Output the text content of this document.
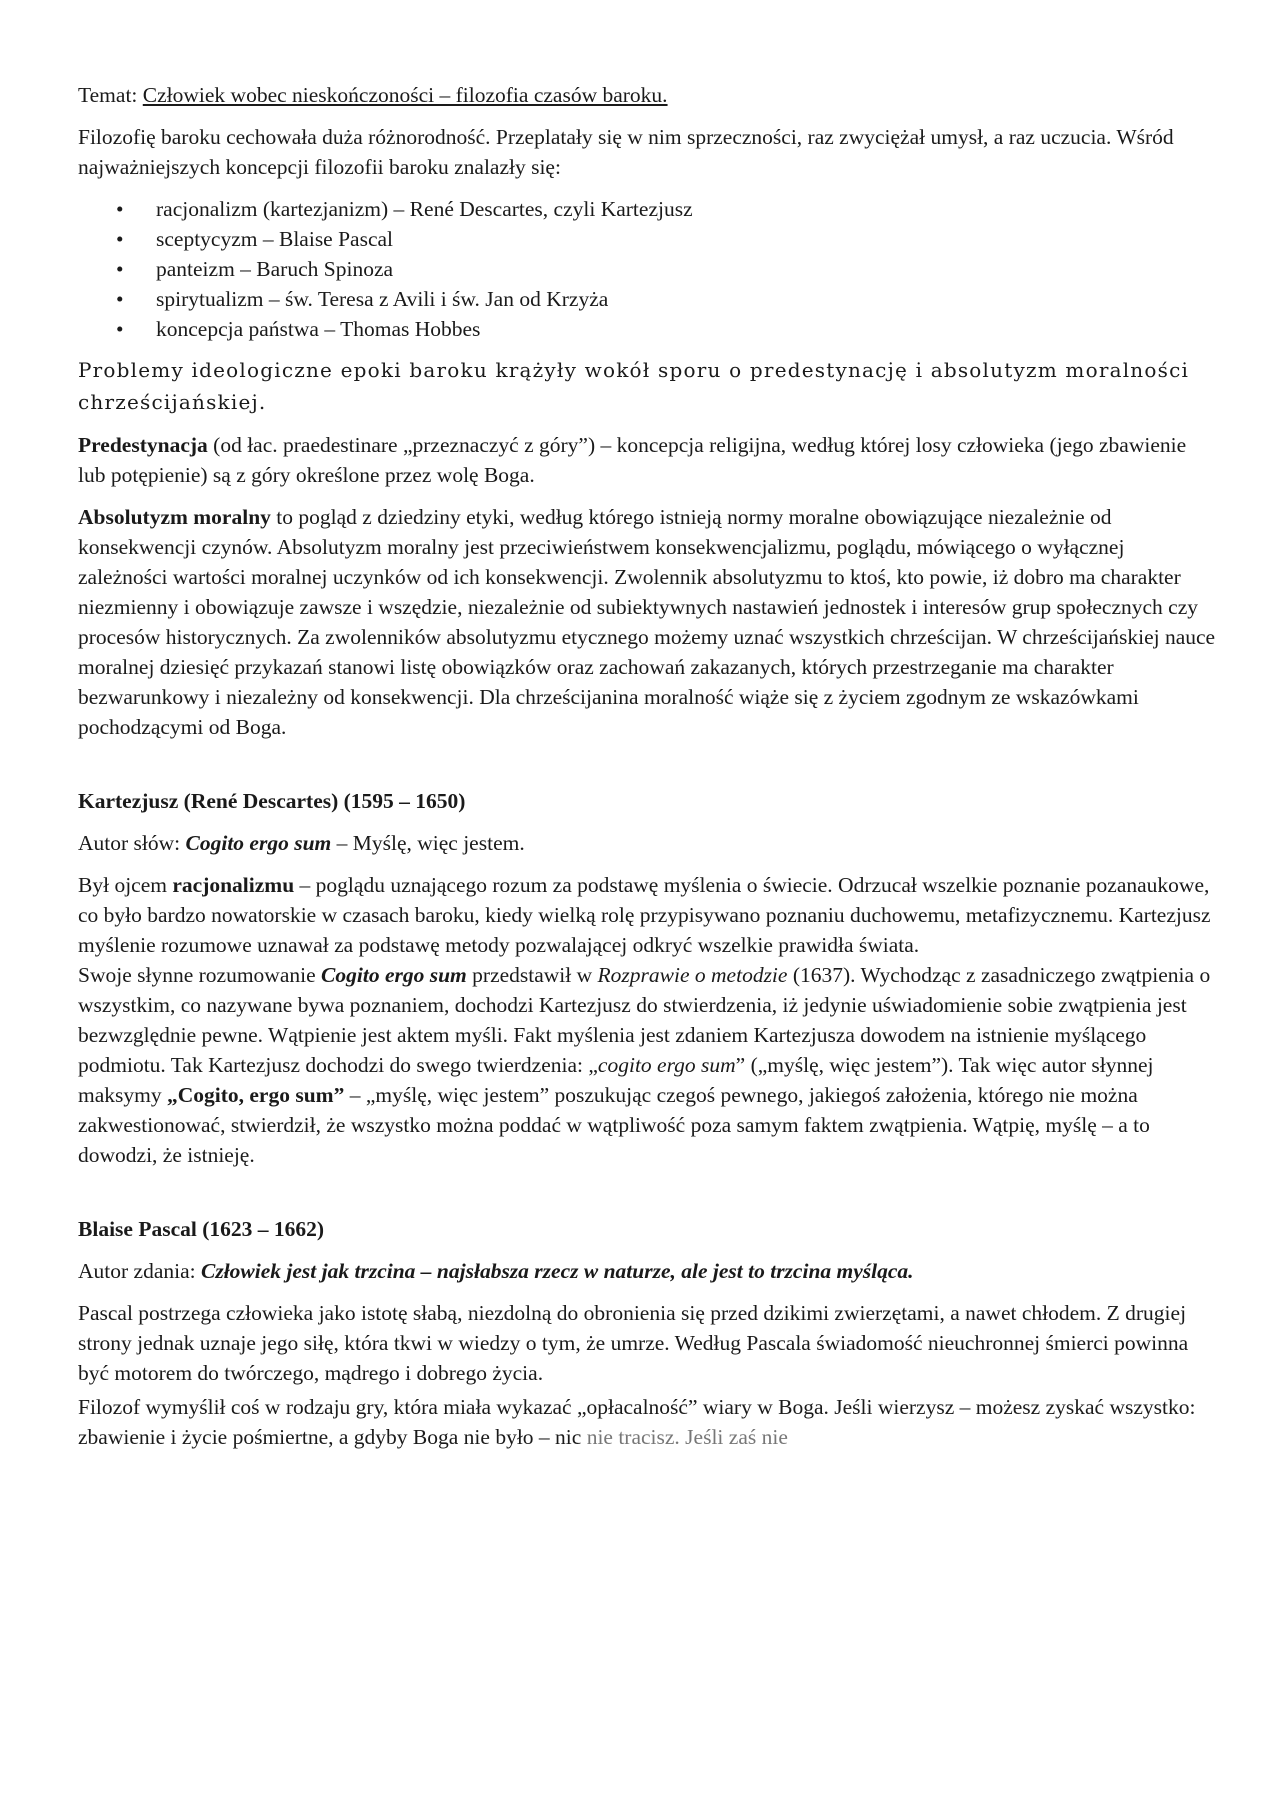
Temat: Człowiek wobec nieskończoności – filozofia czasów baroku.

Filozofię baroku cechowała duża różnorodność. Przeplatały się w nim sprzeczności, raz zwyciężał umysł, a raz uczucia. Wśród najważniejszych koncepcji filozofii baroku znalazły się:

• racjonalizm (kartezjanizm) – René Descartes, czyli Kartezjusz
• sceptycyzm – Blaise Pascal
• panteizm – Baruch Spinoza
• spirytualizm – św. Teresa z Avili i św. Jan od Krzyża
• koncepcja państwa – Thomas Hobbes

Problemy ideologiczne epoki baroku krążyły wokół sporu o predestynację i absolutyzm moralności chrześcijańskiej.

Predestynacja (od łac. praedestinare „przeznaczyć z góry”) – koncepcja religijna, według której losy człowieka (jego zbawienie lub potępienie) są z góry określone przez wolę Boga.

Absolutyzm moralny to pogląd z dziedziny etyki, według którego istnieją normy moralne obowiązujące niezależnie od konsekwencji czynów. Absolutyzm moralny jest przeciwieństwem konsekwencjalizmu, poglądu, mówiącego o wyłącznej zależności wartości moralnej uczynków od ich konsekwencji. Zwolennik absolutyzmu to ktoś, kto powie, iż dobro ma charakter niezmienny i obowiązuje zawsze i wszędzie, niezależnie od subiektywnych nastawień jednostek i interesów grup społecznych czy procesów historycznych. Za zwolenników absolutyzmu etycznego możemy uznać wszystkich chrześcijan. W chrześcijańskiej nauce moralnej dziesięć przykazań stanowi listę obowiązków oraz zachowań zakazanych, których przestrzeganie ma charakter bezwarunkowy i niezależny od konsekwencji. Dla chrześcijanina moralność wiąże się z życiem zgodnym ze wskazówkami pochodzącymi od Boga.

Kartezjusz (René Descartes) (1595 – 1650)

Autor słów: Cogito ergo sum – Myślę, więc jestem.

Był ojcem racjonalizmu – poglądu uznającego rozum za podstawę myślenia o świecie. Odrzucał wszelkie poznanie pozanaukowe, co było bardzo nowatorskie w czasach baroku, kiedy wielką rolę przypisywano poznaniu duchowemu, metafizycznemu. Kartezjusz myślenie rozumowe uznawał za podstawę metody pozwalającej odkryć wszelkie prawidła świata.

Swoje słynne rozumowanie Cogito ergo sum przedstawił w Rozprawie o metodzie (1637). Wychodząc z zasadniczego zwątpienia o wszystkim, co nazywane bywa poznaniem, dochodzi Kartezjusz do stwierdzenia, iż jedynie uświadomienie sobie zwątpienia jest bezwzględnie pewne. Wątpienie jest aktem myśli. Fakt myślenia jest zdaniem Kartezjusza dowodem na istnienie myślącego podmiotu. Tak Kartezjusz dochodzi do swego twierdzenia: „cogito ergo sum” („myślę, więc jestem”). Tak więc autor słynnej maksymy „Cogito, ergo sum” – „myślę, więc jestem” poszukując czegoś pewnego, jakiegoś założenia, którego nie można zakwestionować, stwierdził, że wszystko można poddać w wątpliwość poza samym faktem zwątpienia. Wątpię, myślę – a to dowodzi, że istnieję.

Blaise Pascal (1623 – 1662)

Autor zdania: Człowiek jest jak trzcina – najsłabsza rzecz w naturze, ale jest to trzcina myśląca.

Pascal postrzega człowieka jako istotę słabą, niezdolną do obronienia się przed dzikimi zwierzętami, a nawet chłodem. Z drugiej strony jednak uznaje jego siłę, która tkwi w wiedzy o tym, że umrze. Według Pascala świadomość nieuchronnej śmierci powinna być motorem do twórczego, mądrego i dobrego życia.

Filozof wymyślił coś w rodzaju gry, która miała wykazać „opłacalność” wiary w Boga. Jeśli wierzysz – możesz zyskać wszystko: zbawienie i życie pośmiertne, a gdyby Boga nie było – nic nie tracisz. Jeśli zaś nie
